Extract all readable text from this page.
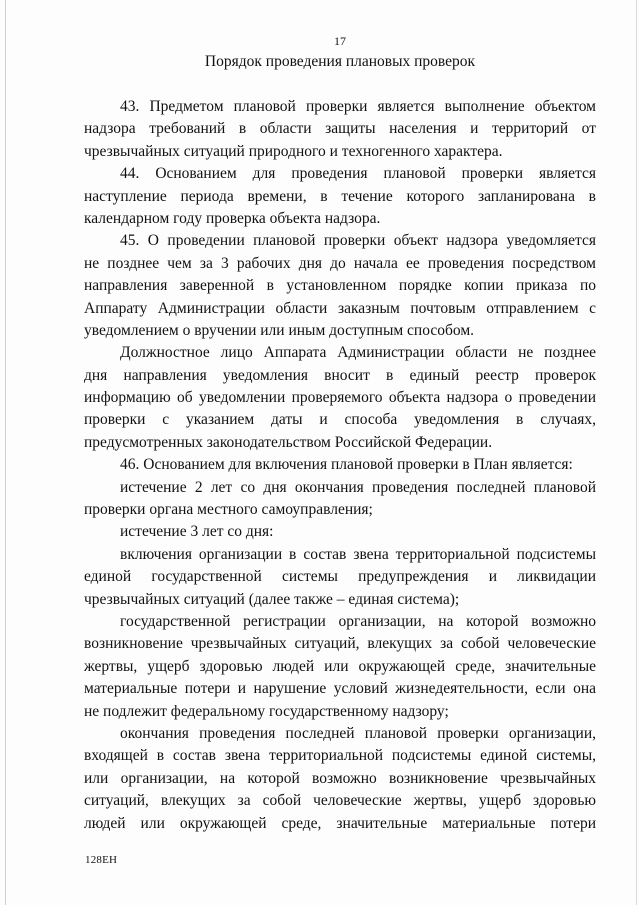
17
Порядок проведения плановых проверок
43. Предметом плановой проверки является выполнение объектом
надзора требований в области защиты населения и территорий от
чрезвычайных ситуаций природного и техногенного характера.
44. Основанием для проведения плановой проверки является
наступление периода времени, в течение которого запланирована в
календарном году проверка объекта надзора.
45. О проведении плановой проверки объект надзора уведомляется
не позднее чем за 3 рабочих дня до начала ее проведения посредством
направления заверенной в установленном порядке копии приказа по
Аппарату Администрации области заказным почтовым отправлением с
уведомлением о вручении или иным доступным способом.
Должностное лицо Аппарата Администрации области не позднее
дня направления уведомления вносит в единый реестр проверок
информацию об уведомлении проверяемого объекта надзора о проведении
проверки с указанием даты и способа уведомления в случаях,
предусмотренных законодательством Российской Федерации.
46. Основанием для включения плановой проверки в План является:
истечение 2 лет со дня окончания проведения последней плановой
проверки органа местного самоуправления;
истечение 3 лет со дня:
включения организации в состав звена территориальной подсистемы
единой государственной системы предупреждения и ликвидации
чрезвычайных ситуаций (далее также – единая система);
государственной регистрации организации, на которой возможно
возникновение чрезвычайных ситуаций, влекущих за собой человеческие
жертвы, ущерб здоровью людей или окружающей среде, значительные
материальные потери и нарушение условий жизнедеятельности, если она
не подлежит федеральному государственному надзору;
окончания проведения последней плановой проверки организации,
входящей в состав звена территориальной подсистемы единой системы,
или организации, на которой возможно возникновение чрезвычайных
ситуаций, влекущих за собой человеческие жертвы, ущерб здоровью
людей или окружающей среде, значительные материальные потери
128EH
